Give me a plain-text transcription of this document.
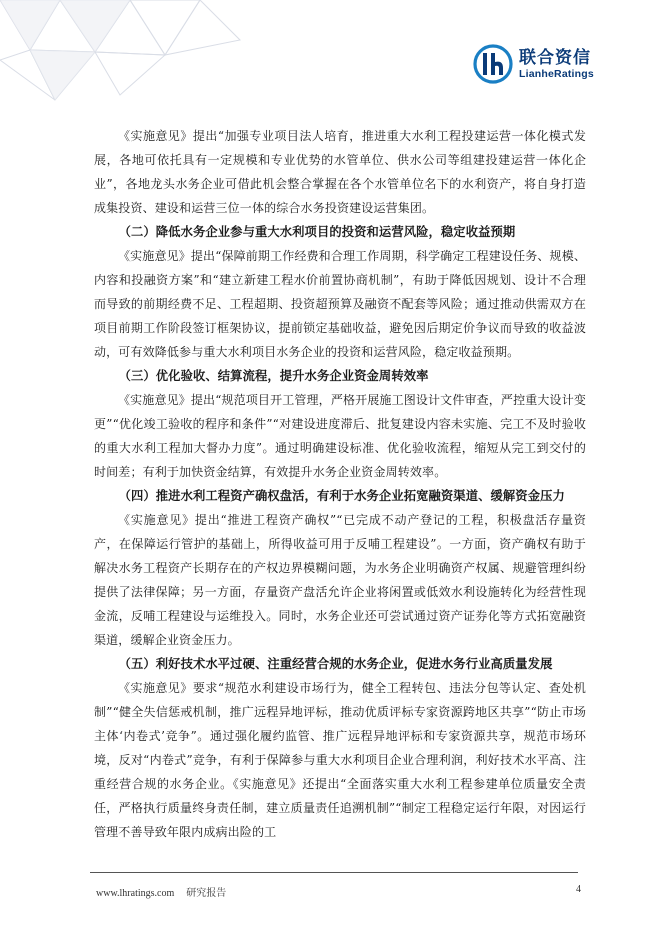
联合资信
LianheRatings

《实施意见》提出“加强专业项目法人培育，推进重大水利工程投建运营一体化模式发展，各地可依托具有一定规模和专业优势的水管单位、供水公司等组建投建运营一体化企业”，各地龙头水务企业可借此机会整合掌握在各个水管单位名下的水利资产，将自身打造成集投资、建设和运营三位一体的综合水务投资建设运营集团。

（二）降低水务企业参与重大水利项目的投资和运营风险，稳定收益预期

《实施意见》提出“保障前期工作经费和合理工作周期，科学确定工程建设任务、规模、内容和投融资方案”和“建立新建工程水价前置协商机制”，有助于降低因规划、设计不合理而导致的前期经费不足、工程超期、投资超预算及融资不配套等风险；通过推动供需双方在项目前期工作阶段签订框架协议，提前锁定基础收益，避免因后期定价争议而导致的收益波动，可有效降低参与重大水利项目水务企业的投资和运营风险，稳定收益预期。

（三）优化验收、结算流程，提升水务企业资金周转效率

《实施意见》提出“规范项目开工管理，严格开展施工图设计文件审查，严控重大设计变更”“优化竣工验收的程序和条件”“对建设进度滞后、批复建设内容未实施、完工不及时验收的重大水利工程加大督办力度”。通过明确建设标准、优化验收流程，缩短从完工到交付的时间差；有利于加快资金结算，有效提升水务企业资金周转效率。

（四）推进水利工程资产确权盘活，有利于水务企业拓宽融资渠道、缓解资金压力

《实施意见》提出“推进工程资产确权”“已完成不动产登记的工程，积极盘活存量资产，在保障运行管护的基础上，所得收益可用于反哺工程建设”。一方面，资产确权有助于解决水务工程资产长期存在的产权边界模糊问题，为水务企业明确资产权属、规避管理纠纷提供了法律保障；另一方面，存量资产盘活允许企业将闲置或低效水利设施转化为经营性现金流，反哺工程建设与运维投入。同时，水务企业还可尝试通过资产证券化等方式拓宽融资渠道，缓解企业资金压力。

（五）利好技术水平过硬、注重经营合规的水务企业，促进水务行业高质量发展

《实施意见》要求“规范水利建设市场行为，健全工程转包、违法分包等认定、查处机制”“健全失信惩戒机制，推广远程异地评标，推动优质评标专家资源跨地区共享”“防止市场主体‘内卷式’竞争”。通过强化履约监管、推广远程异地评标和专家资源共享，规范市场环境，反对“内卷式”竞争，有利于保障参与重大水利项目企业合理利润，利好技术水平高、注重经营合规的水务企业。《实施意见》还提出“全面落实重大水利工程参建单位质量安全责任，严格执行质量终身责任制，建立质量责任追溯机制”“制定工程稳定运行年限，对因运行管理不善导致年限内成病出险的工

www.lhratings.com 研究报告	4
